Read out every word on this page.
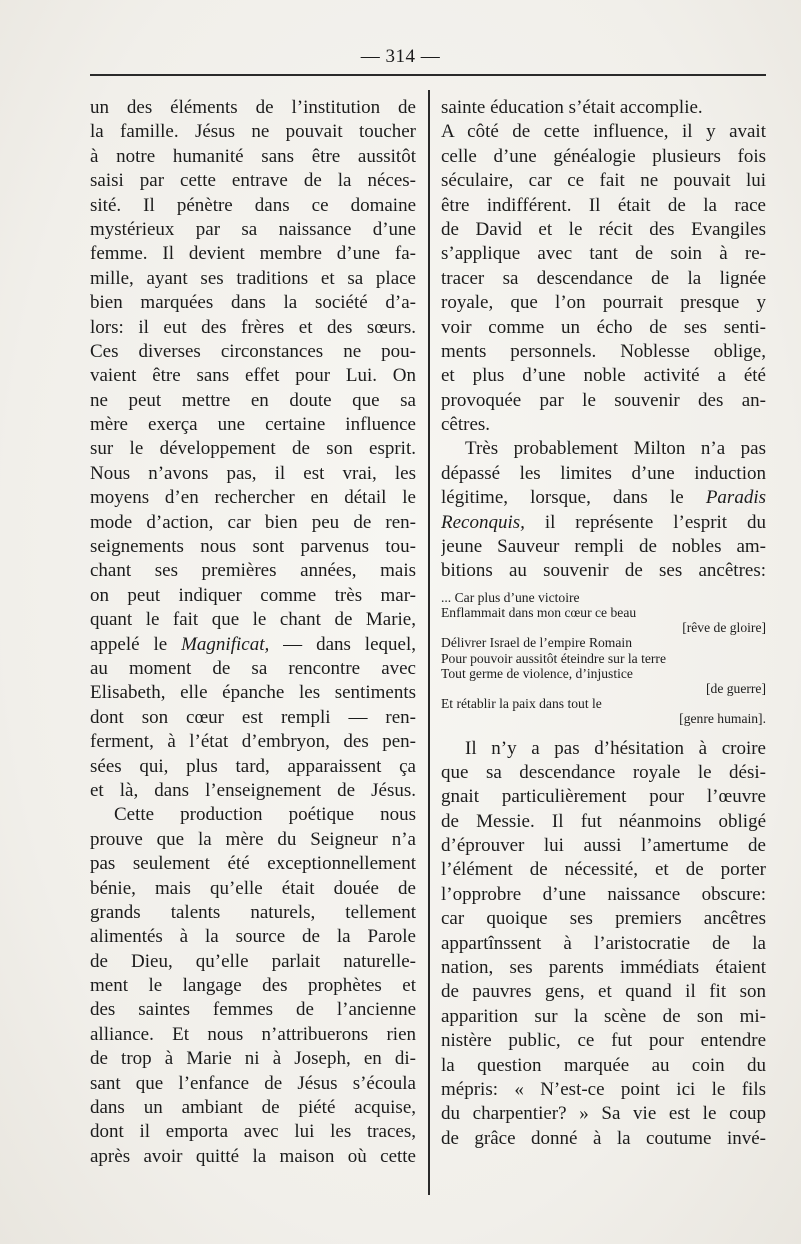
— 314 —
un des éléments de l’institution de
la famille. Jésus ne pouvait toucher
à notre humanité sans être aussitôt
saisi par cette entrave de la néces-
sité. Il pénètre dans ce domaine
mystérieux par sa naissance d’une
femme. Il devient membre d’une fa-
mille, ayant ses traditions et sa place
bien marquées dans la société d’a-
lors: il eut des frères et des sœurs.
Ces diverses circonstances ne pou-
vaient être sans effet pour Lui. On
ne peut mettre en doute que sa
mère exerça une certaine influence
sur le développement de son esprit.
Nous n’avons pas, il est vrai, les
moyens d’en rechercher en détail le
mode d’action, car bien peu de ren-
seignements nous sont parvenus tou-
chant ses premières années, mais
on peut indiquer comme très mar-
quant le fait que le chant de Marie,
appelé le Magnificat, — dans lequel,
au moment de sa rencontre avec
Elisabeth, elle épanche les sentiments
dont son cœur est rempli — ren-
ferment, à l’état d’embryon, des pen-
sées qui, plus tard, apparaissent ça
et là, dans l’enseignement de Jésus.
Cette production poétique nous
prouve que la mère du Seigneur n’a
pas seulement été exceptionnellement
bénie, mais qu’elle était douée de
grands talents naturels, tellement
alimentés à la source de la Parole
de Dieu, qu’elle parlait naturelle-
ment le langage des prophètes et
des saintes femmes de l’ancienne
alliance. Et nous n’attribuerons rien
de trop à Marie ni à Joseph, en di-
sant que l’enfance de Jésus s’écoula
dans un ambiant de piété acquise,
dont il emporta avec lui les traces,
après avoir quitté la maison où cette
sainte éducation s’était accomplie.
A côté de cette influence, il y avait
celle d’une généalogie plusieurs fois
séculaire, car ce fait ne pouvait lui
être indifférent. Il était de la race
de David et le récit des Evangiles
s’applique avec tant de soin à re-
tracer sa descendance de la lignée
royale, que l’on pourrait presque y
voir comme un écho de ses senti-
ments personnels. Noblesse oblige,
et plus d’une noble activité a été
provoquée par le souvenir des an-
cêtres.
Très probablement Milton n’a pas
dépassé les limites d’une induction
légitime, lorsque, dans le Paradis
Reconquis, il représente l’esprit du
jeune Sauveur rempli de nobles am-
bitions au souvenir de ses ancêtres:
... Car plus d’une victoire
Enflammait dans mon cœur ce beau
[rêve de gloire]
Délivrer Israel de l’empire Romain
Pour pouvoir aussitôt éteindre sur la terre
Tout germe de violence, d’injustice
[de guerre]
Et rétablir la paix dans tout le
[genre humain].
Il n’y a pas d’hésitation à croire
que sa descendance royale le dési-
gnait particulièrement pour l’œuvre
de Messie. Il fut néanmoins obligé
d’éprouver lui aussi l’amertume de
l’élément de nécessité, et de porter
l’opprobre d’une naissance obscure:
car quoique ses premiers ancêtres
appartînssent à l’aristocratie de la
nation, ses parents immédiats étaient
de pauvres gens, et quand il fit son
apparition sur la scène de son mi-
nistère public, ce fut pour entendre
la question marquée au coin du
mépris: « N’est-ce point ici le fils
du charpentier? » Sa vie est le coup
de grâce donné à la coutume invé-
